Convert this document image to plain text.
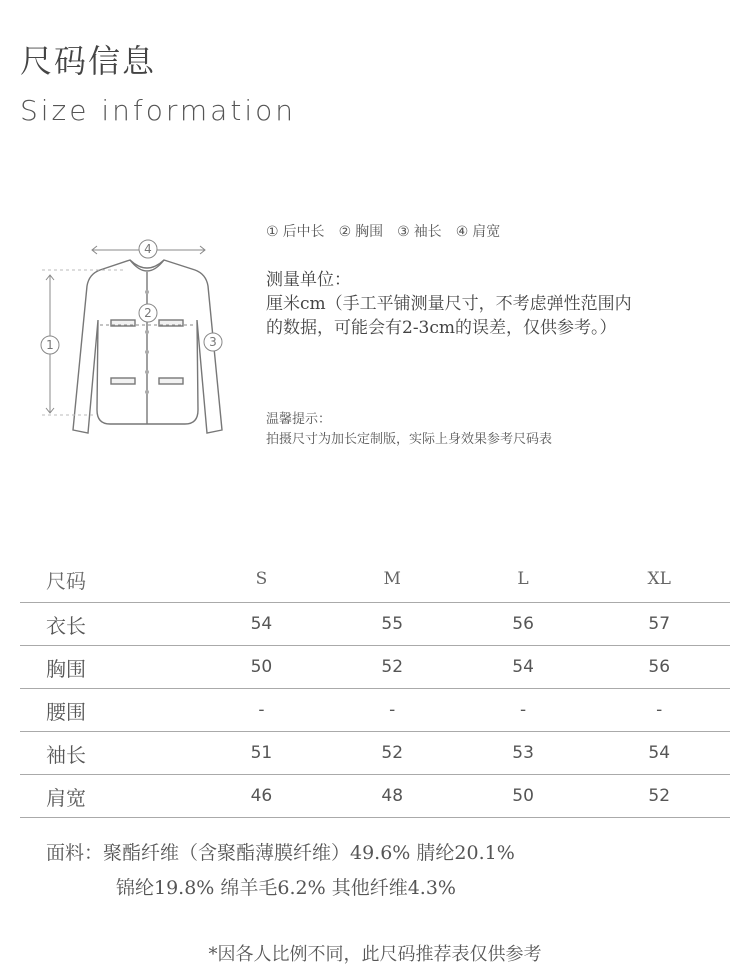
尺码信息
Size information
4
1
2
3
① 后中长 ② 胸围 ③ 袖长 ④ 肩宽
测量单位：
厘米cm（手工平铺测量尺寸，不考虑弹性范围内
的数据，可能会有2-3cm的误差，仅供参考。）
温馨提示：
拍摄尺寸为加长定制版，实际上身效果参考尺码表
尺码	S	M	L	XL
衣长	54	55	56	57
胸围	50	52	54	56
腰围	-	-	-	-
袖长	51	52	53	54
肩宽	46	48	50	52
面料：聚酯纤维（含聚酯薄膜纤维）49.6% 腈纶20.1%
锦纶19.8% 绵羊毛6.2% 其他纤维4.3%
*因各人比例不同，此尺码推荐表仅供参考
